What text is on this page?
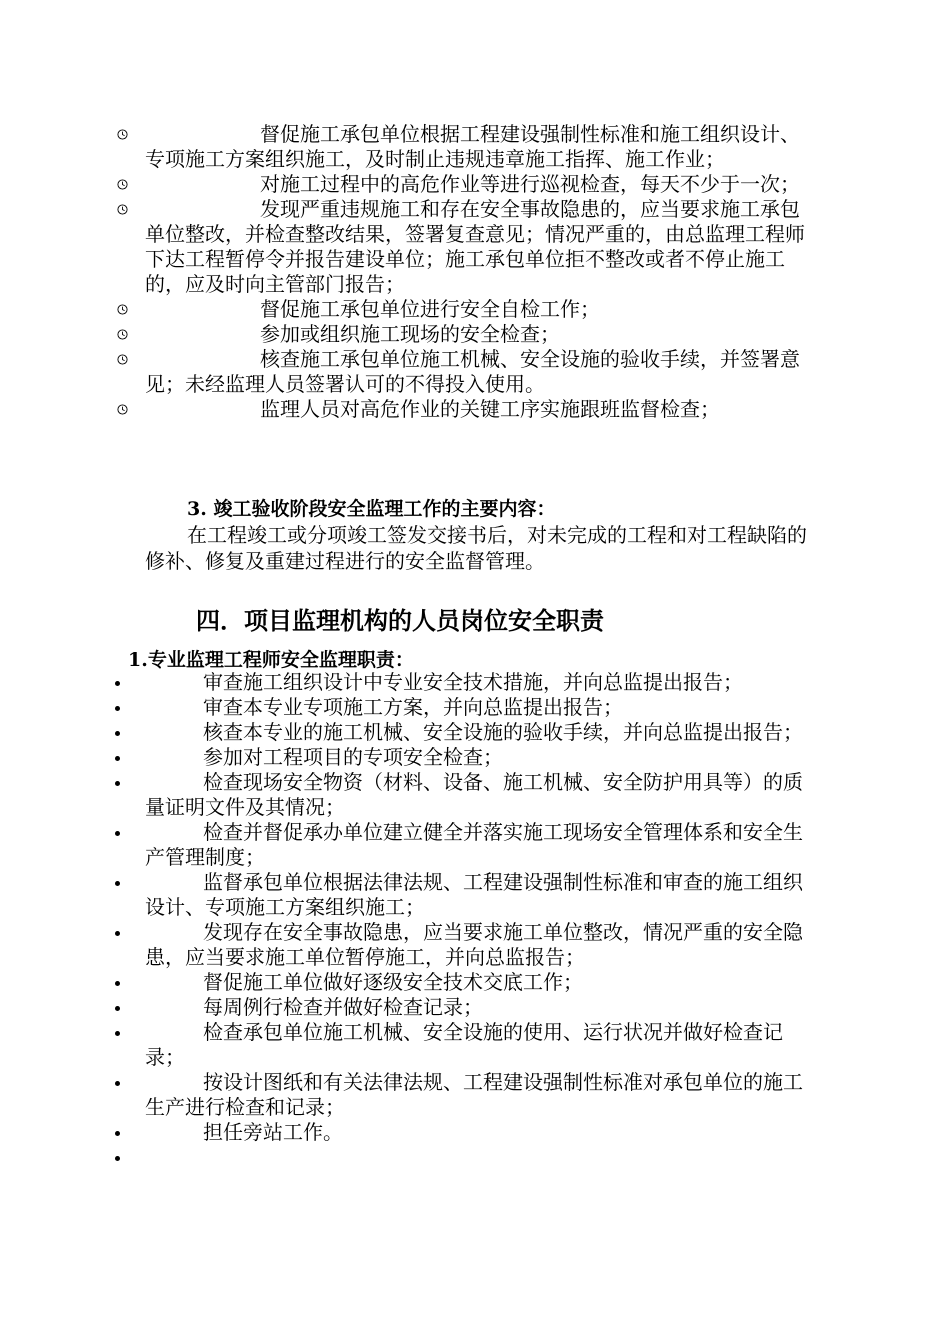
督促施工承包单位根据工程建设强制性标准和施工组织设计、专项施工方案组织施工，及时制止违规违章施工指挥、施工作业；
对施工过程中的高危作业等进行巡视检查，每天不少于一次；
发现严重违规施工和存在安全事故隐患的，应当要求施工承包单位整改，并检查整改结果，签署复查意见；情况严重的，由总监理工程师下达工程暂停令并报告建设单位；施工承包单位拒不整改或者不停止施工的，应及时向主管部门报告；
督促施工承包单位进行安全自检工作；
参加或组织施工现场的安全检查；
核查施工承包单位施工机械、安全设施的验收手续，并签署意见；未经监理人员签署认可的不得投入使用。
监理人员对高危作业的关键工序实施跟班监督检查；
3. 竣工验收阶段安全监理工作的主要内容：
在工程竣工或分项竣工签发交接书后，对未完成的工程和对工程缺陷的修补、修复及重建过程进行的安全监督管理。
四．项目监理机构的人员岗位安全职责
1.专业监理工程师安全监理职责：
审查施工组织设计中专业安全技术措施，并向总监提出报告；
审查本专业专项施工方案，并向总监提出报告；
核查本专业的施工机械、安全设施的验收手续，并向总监提出报告；
参加对工程项目的专项安全检查；
检查现场安全物资（材料、设备、施工机械、安全防护用具等）的质量证明文件及其情况；
检查并督促承办单位建立健全并落实施工现场安全管理体系和安全生产管理制度；
监督承包单位根据法律法规、工程建设强制性标准和审查的施工组织设计、专项施工方案组织施工；
发现存在安全事故隐患，应当要求施工单位整改，情况严重的安全隐患，应当要求施工单位暂停施工，并向总监报告；
督促施工单位做好逐级安全技术交底工作；
每周例行检查并做好检查记录；
检查承包单位施工机械、安全设施的使用、运行状况并做好检查记录；
按设计图纸和有关法律法规、工程建设强制性标准对承包单位的施工生产进行检查和记录；
担任旁站工作。
